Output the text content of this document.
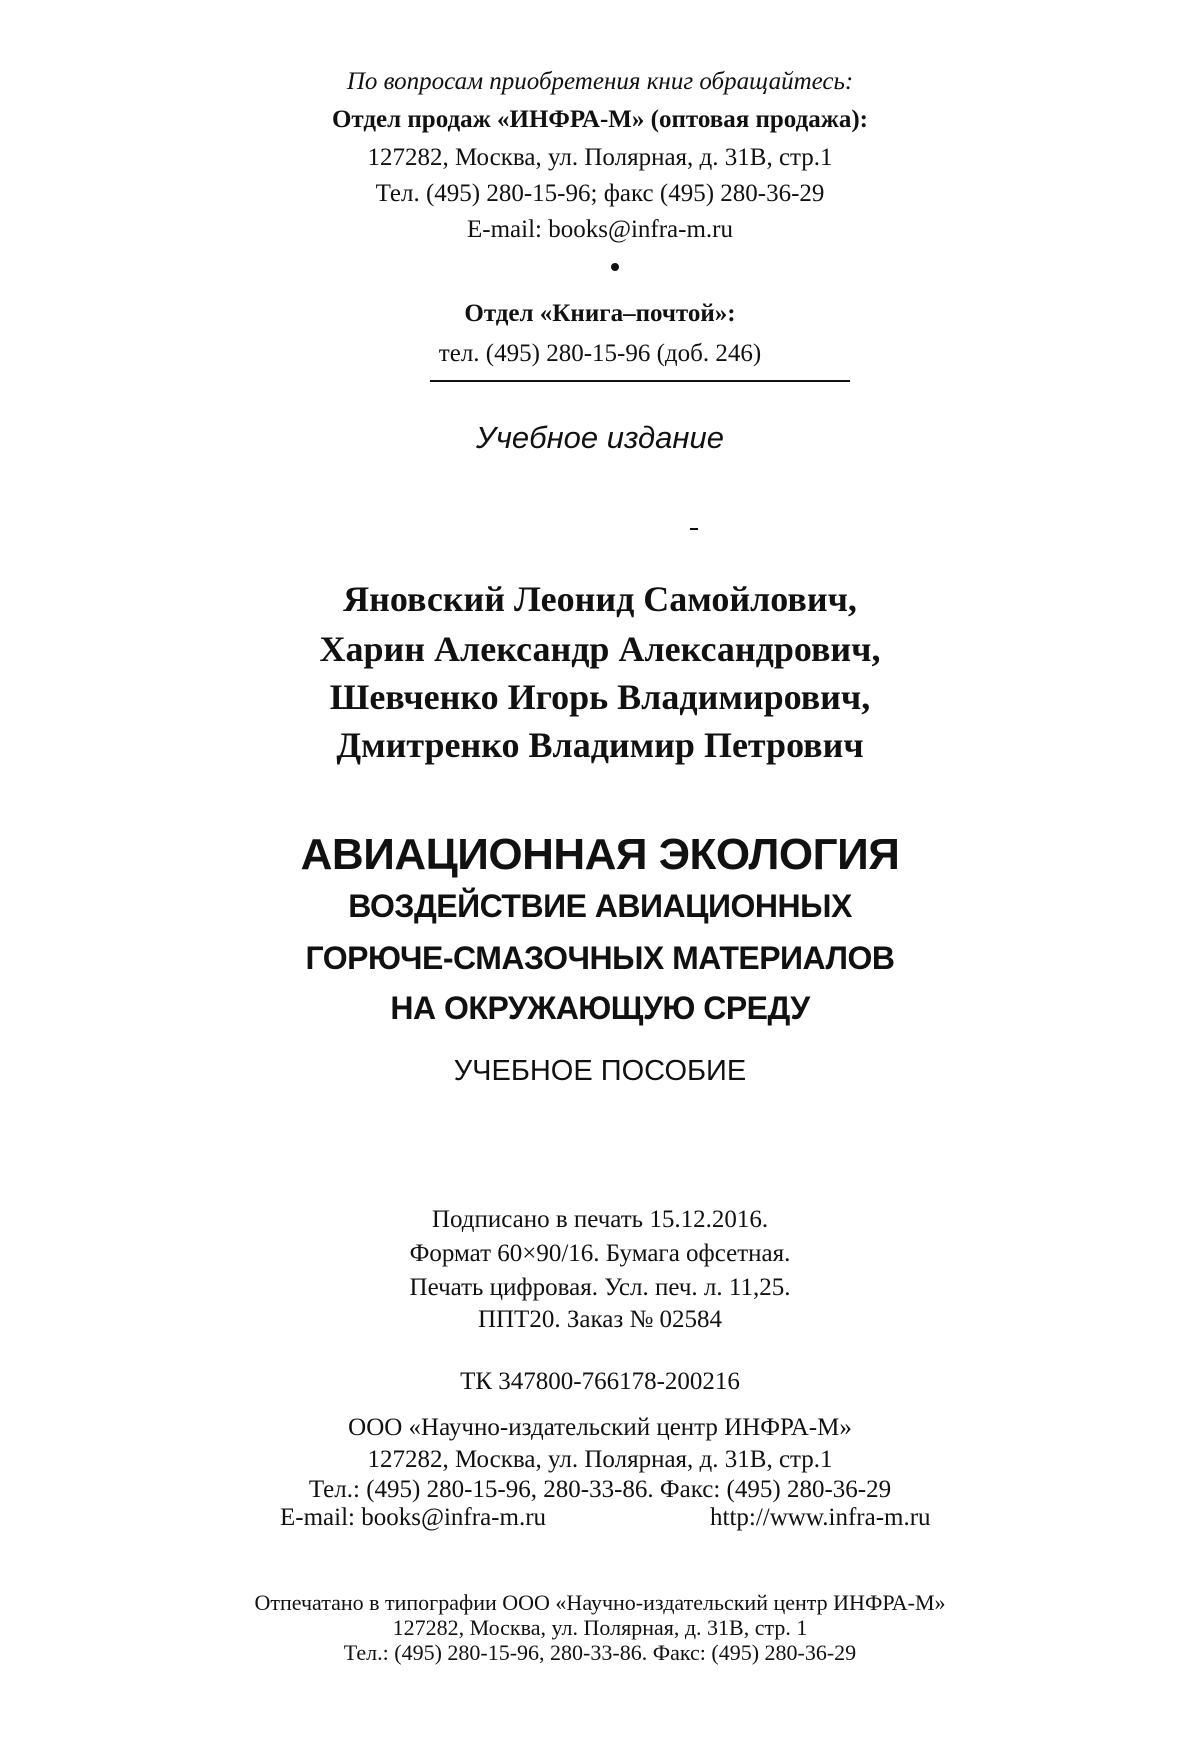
По вопросам приобретения книг обращайтесь:
Отдел продаж «ИНФРА-М» (оптовая продажа):
127282, Москва, ул. Полярная, д. 31В, стр.1
Тел. (495) 280-15-96; факс (495) 280-36-29
E-mail: books@infra-m.ru
Отдел «Книга–почтой»:
тел. (495) 280-15-96 (доб. 246)
Учебное издание
Яновский Леонид Самойлович,
Харин Александр Александрович,
Шевченко Игорь Владимирович,
Дмитренко Владимир Петрович
АВИАЦИОННАЯ ЭКОЛОГИЯ
ВОЗДЕЙСТВИЕ АВИАЦИОННЫХ
ГОРЮЧЕ-СМАЗОЧНЫХ МАТЕРИАЛОВ
НА ОКРУЖАЮЩУЮ СРЕДУ
УЧЕБНОЕ ПОСОБИЕ
Подписано в печать 15.12.2016.
Формат 60×90/16. Бумага офсетная.
Печать цифровая. Усл. печ. л. 11,25.
ППТ20. Заказ № 02584
ТК 347800-766178-200216
ООО «Научно-издательский центр ИНФРА-М»
127282, Москва, ул. Полярная, д. 31В, стр.1
Тел.: (495) 280-15-96, 280-33-86. Факс: (495) 280-36-29
E-mail: books@infra-m.ru	http://www.infra-m.ru
Отпечатано в типографии ООО «Научно-издательский центр ИНФРА-М»
127282, Москва, ул. Полярная, д. 31В, стр. 1
Тел.: (495) 280-15-96, 280-33-86. Факс: (495) 280-36-29
